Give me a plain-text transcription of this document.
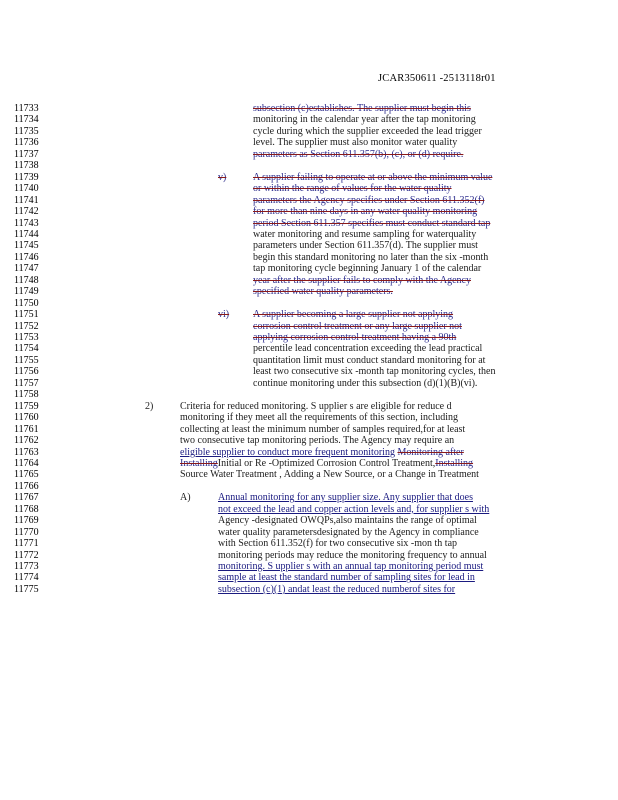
JCAR350611 -2513118r01
11733	subsection (c)establishes. The supplier must begin this
11734	monitoring in the calendar year after the tap monitoring
11735	cycle during which the supplier exceeded the lead trigger
11736	level. The supplier must also monitor water quality
11737	parameters as Section 611.357(b), (c), or (d) require.
11738
11739	v)	A supplier failing to operate at or above the minimum value
11740	or within the range of values for the water quality
11741	parameters the Agency specifies under Section 611.352(f)
11742	for more than nine days in any water quality monitoring
11743	period Section 611.357 specifies must conduct standard tap
11744	water monitoring and resume sampling for waterquality
11745	parameters under Section 611.357(d). The supplier must
11746	begin this standard monitoring no later than the six -month
11747	tap monitoring cycle beginning January 1 of the calendar
11748	year after the supplier fails to comply with the Agency
11749	specified water quality parameters.
11750
11751	vi) A supplier becoming a large supplier not applying
11752	corrosion control treatment or any large supplier not
11753	applying corrosion control treatment having a 90th
11754	percentile lead concentration exceeding the lead practical
11755	quantitation limit must conduct standard monitoring for at
11756	least two consecutive six -month tap monitoring cycles, then
11757	continue monitoring under this subsection (d)(1)(B)(vi).
11758
11759	2)	Criteria for reduced monitoring. S upplier s are eligible for reduce d
11760	monitoring if they meet all the requirements of this section, including
11761	collecting at least the minimum number of samples required,for at least
11762	two consecutive tap monitoring periods. The Agency may require an
11763	eligible supplier to conduct more frequent monitoring Monitoring after
11764	InstallingInitial or Re -Optimized Corrosion Control Treatment,Installing
11765	Source Water Treatment , Adding a New Source, or a Change in Treatment
11766
11767	A)	Annual monitoring for any supplier size. Any supplier that does
11768	not exceed the lead and copper action levels and, for supplier s with
11769	Agency -designated OWQPs,also maintains the range of optimal
11770	water quality parametersdesignated by the Agency in compliance
11771	with Section 611.352(f) for two consecutive six -mon th tap
11772	monitoring periods may reduce the monitoring frequency to annual
11773	monitoring. S upplier s with an annual tap monitoring period must
11774	sample at least the standard number of sampling sites for lead in
11775	subsection (c)(1) andat least the reduced numberof sites for
